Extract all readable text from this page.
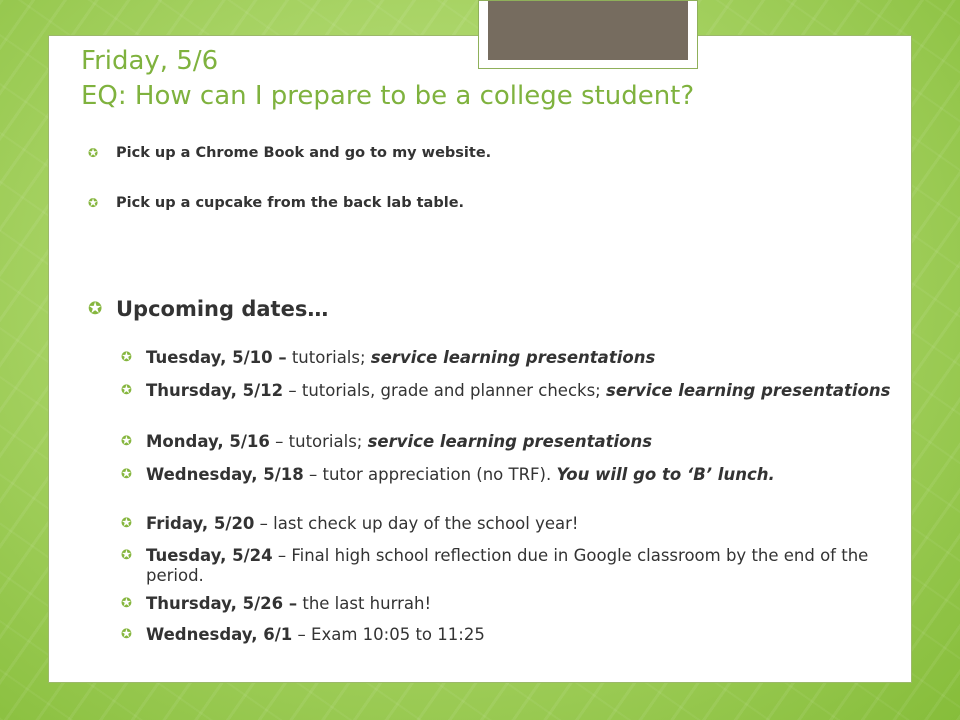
Friday, 5/6
EQ: How can I prepare to be a college student?
✪	Pick up a Chrome Book and go to my website.
✪	Pick up a cupcake from the back lab table.
✪ Upcoming dates…
✪ Tuesday, 5/10 – tutorials; service learning presentations
✪ Thursday, 5/12 – tutorials, grade and planner checks; service learning presentations
✪ Monday, 5/16 – tutorials; service learning presentations
✪ Wednesday, 5/18 – tutor appreciation (no TRF). You will go to ‘B’ lunch.
✪ Friday, 5/20 – last check up day of the school year!
✪ Tuesday, 5/24 – Final high school reflection due in Google classroom by the end of the period.
✪ Thursday, 5/26 – the last hurrah!
✪ Wednesday, 6/1 – Exam 10:05 to 11:25
